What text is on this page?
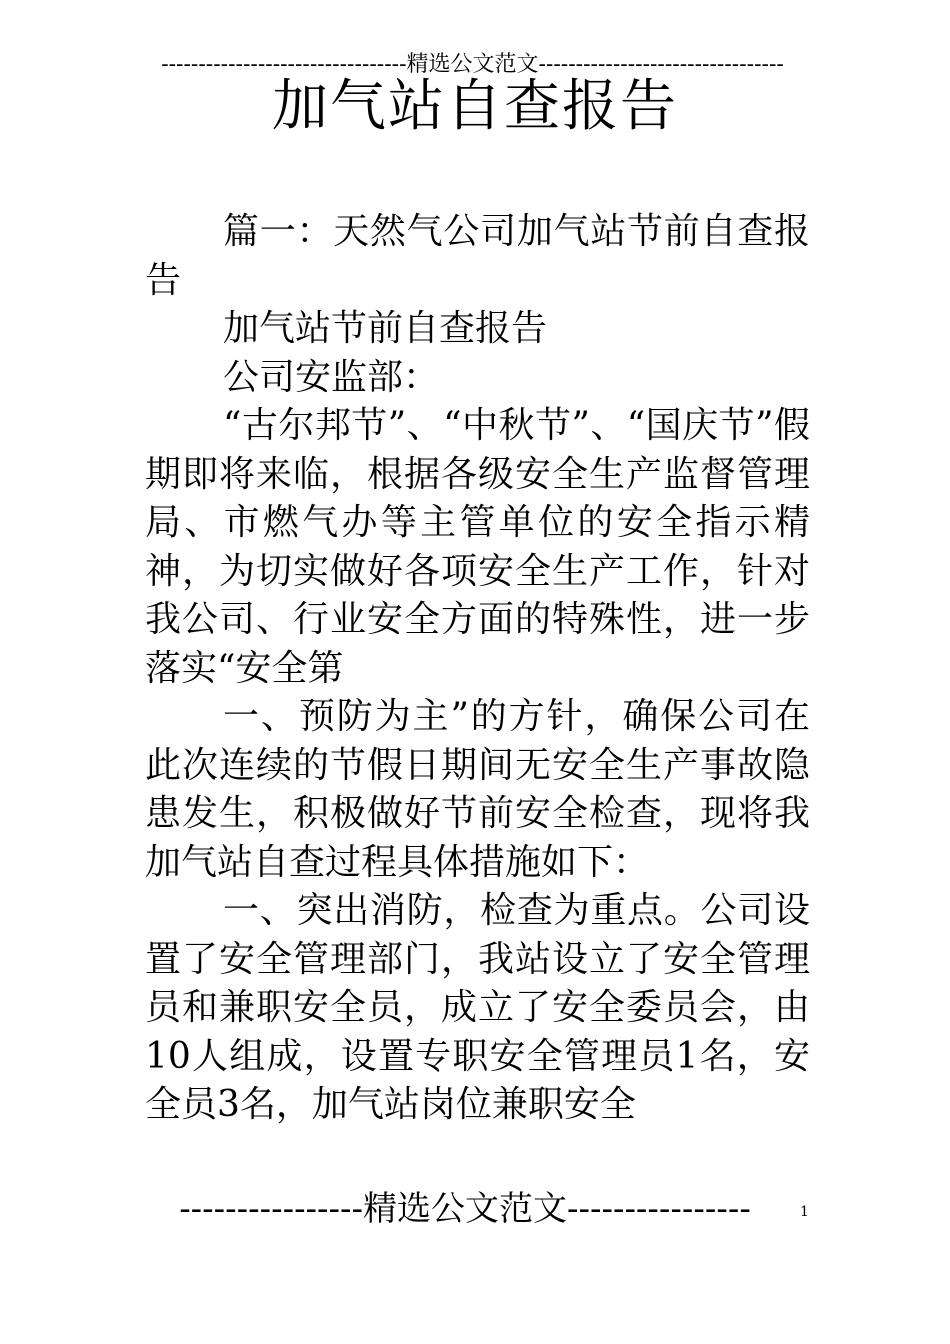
---------------------------------精选公文范文---------------------------------
加气站自查报告

篇一：天然气公司加气站节前自查报告

加气站节前自查报告

公司安监部：

“古尔邦节”、“中秋节”、“国庆节”假期即将来临，根据各级安全生产监督管理局、市燃气办等主管单位的安全指示精神，为切实做好各项安全生产工作，针对我公司、行业安全方面的特殊性，进一步落实“安全第

一、预防为主”的方针，确保公司在此次连续的节假日期间无安全生产事故隐患发生，积极做好节前安全检查，现将我加气站自查过程具体措施如下：

一、突出消防，检查为重点。公司设置了安全管理部门，我站设立了安全管理员和兼职安全员，成立了安全委员会，由10人组成，设置专职安全管理员1名，安全员3名，加气站岗位兼职安全

----------------精选公文范文----------------	1
